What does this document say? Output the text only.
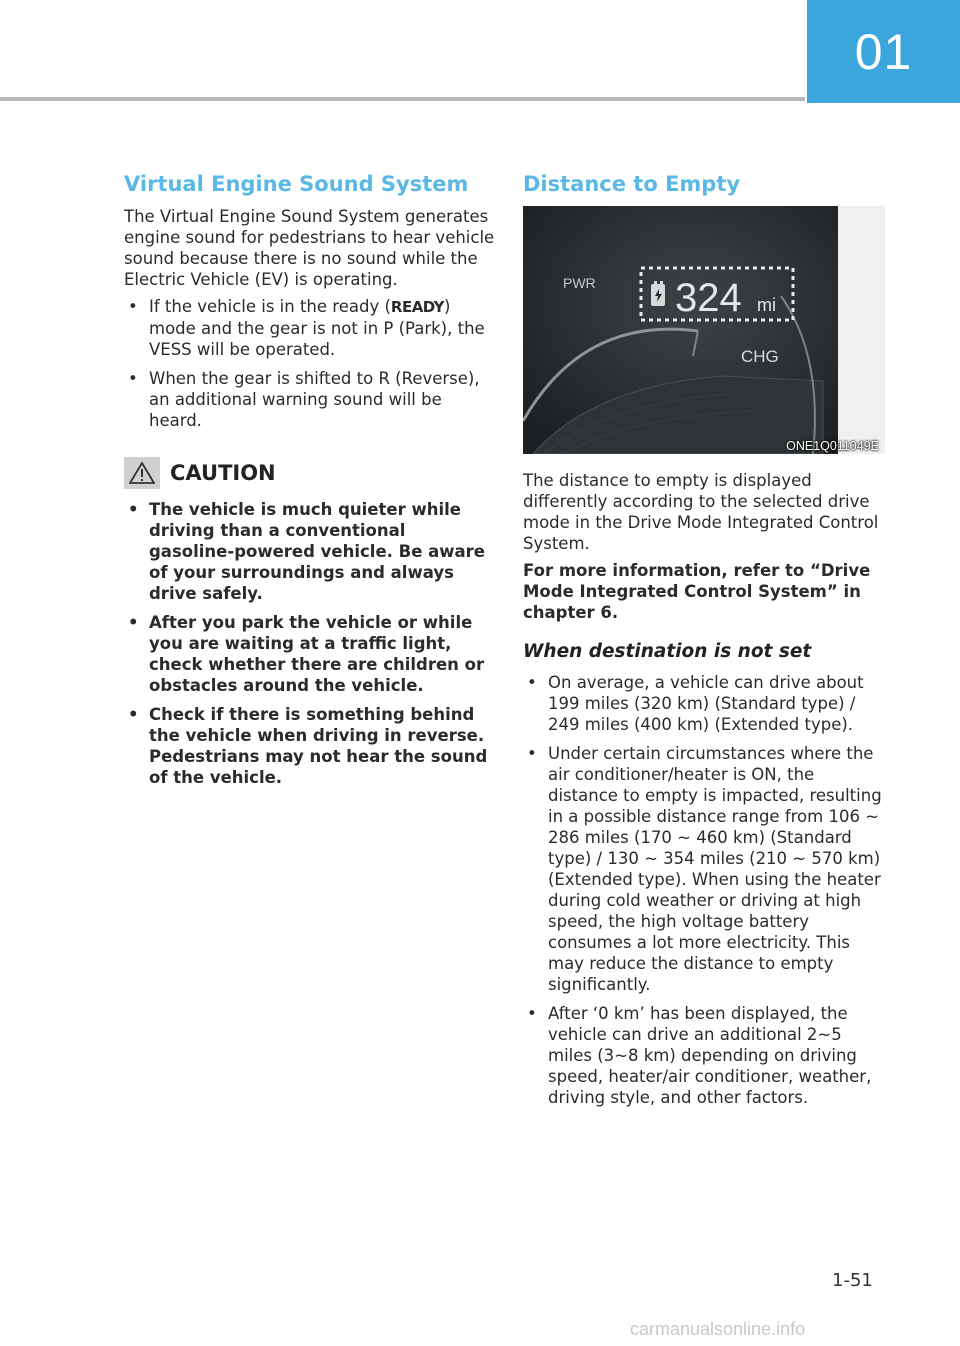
01
Virtual Engine Sound System

The Virtual Engine Sound System generates engine sound for pedestrians to hear vehicle sound because there is no sound while the Electric Vehicle (EV) is operating.

• If the vehicle is in the ready (READY) mode and the gear is not in P (Park), the VESS will be operated.
• When the gear is shifted to R (Reverse), an additional warning sound will be heard.
CAUTION
• The vehicle is much quieter while driving than a conventional gasoline-powered vehicle. Be aware of your surroundings and always drive safely.
• After you park the vehicle or while you are waiting at a traffic light, check whether there are children or obstacles around the vehicle.
• Check if there is something behind the vehicle when driving in reverse. Pedestrians may not hear the sound of the vehicle.
Distance to Empty
PWR
CHG
324 mi
ONE1Q011049E

The distance to empty is displayed differently according to the selected drive mode in the Drive Mode Integrated Control System.

For more information, refer to “Drive Mode Integrated Control System” in chapter 6.

When destination is not set
• On average, a vehicle can drive about 199 miles (320 km) (Standard type) / 249 miles (400 km) (Extended type).
• Under certain circumstances where the air conditioner/heater is ON, the distance to empty is impacted, resulting in a possible distance range from 106 ~ 286 miles (170 ~ 460 km) (Standard type) / 130 ~ 354 miles (210 ~ 570 km) (Extended type). When using the heater during cold weather or driving at high speed, the high voltage battery consumes a lot more electricity. This may reduce the distance to empty significantly.
• After ‘0 km’ has been displayed, the vehicle can drive an additional 2~5 miles (3~8 km) depending on driving speed, heater/air conditioner, weather, driving style, and other factors.
1-51
carmanualsonline.info
